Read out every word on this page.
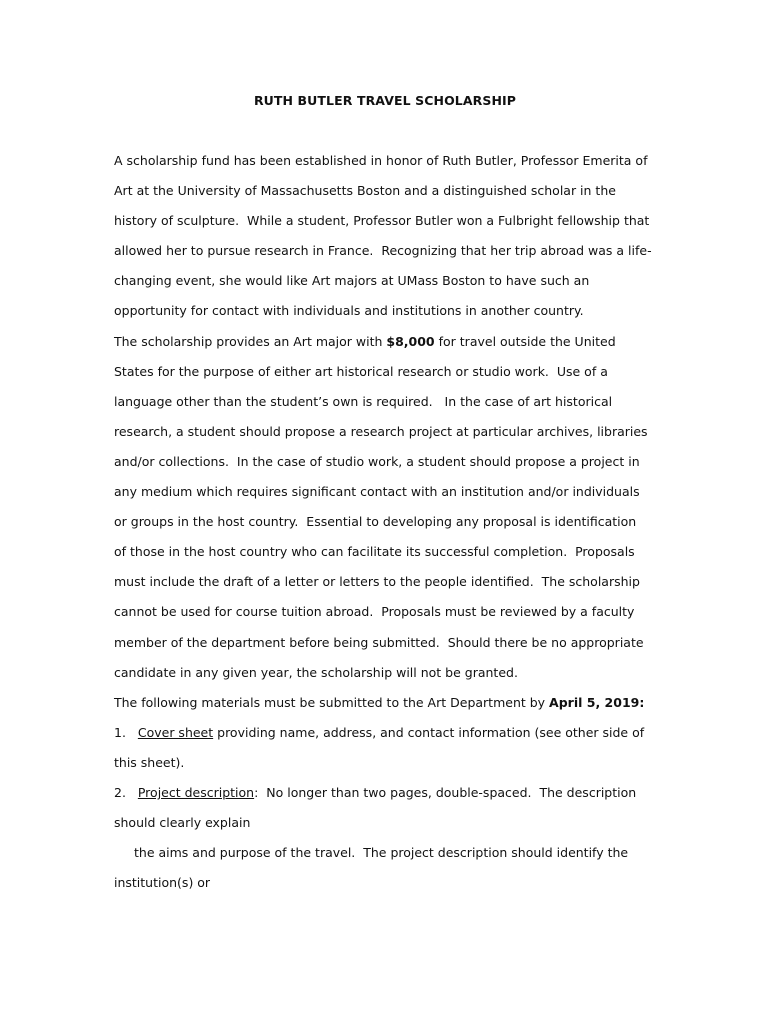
RUTH BUTLER TRAVEL SCHOLARSHIP
A scholarship fund has been established in honor of Ruth Butler, Professor Emerita of
Art at the University of Massachusetts Boston and a distinguished scholar in the
history of sculpture.  While a student, Professor Butler won a Fulbright fellowship that
allowed her to pursue research in France.  Recognizing that her trip abroad was a life-
changing event, she would like Art majors at UMass Boston to have such an
opportunity for contact with individuals and institutions in another country.
The scholarship provides an Art major with $8,000 for travel outside the United
States for the purpose of either art historical research or studio work.  Use of a
language other than the student’s own is required.   In the case of art historical
research, a student should propose a research project at particular archives, libraries
and/or collections.  In the case of studio work, a student should propose a project in
any medium which requires significant contact with an institution and/or individuals
or groups in the host country.  Essential to developing any proposal is identification
of those in the host country who can facilitate its successful completion.  Proposals
must include the draft of a letter or letters to the people identified.  The scholarship
cannot be used for course tuition abroad.  Proposals must be reviewed by a faculty
member of the department before being submitted.  Should there be no appropriate
candidate in any given year, the scholarship will not be granted.
The following materials must be submitted to the Art Department by April 5, 2019:
1.   Cover sheet providing name, address, and contact information (see other side of
this sheet).
2.   Project description:  No longer than two pages, double-spaced.  The description
should clearly explain
the aims and purpose of the travel.  The project description should identify the
institution(s) or
